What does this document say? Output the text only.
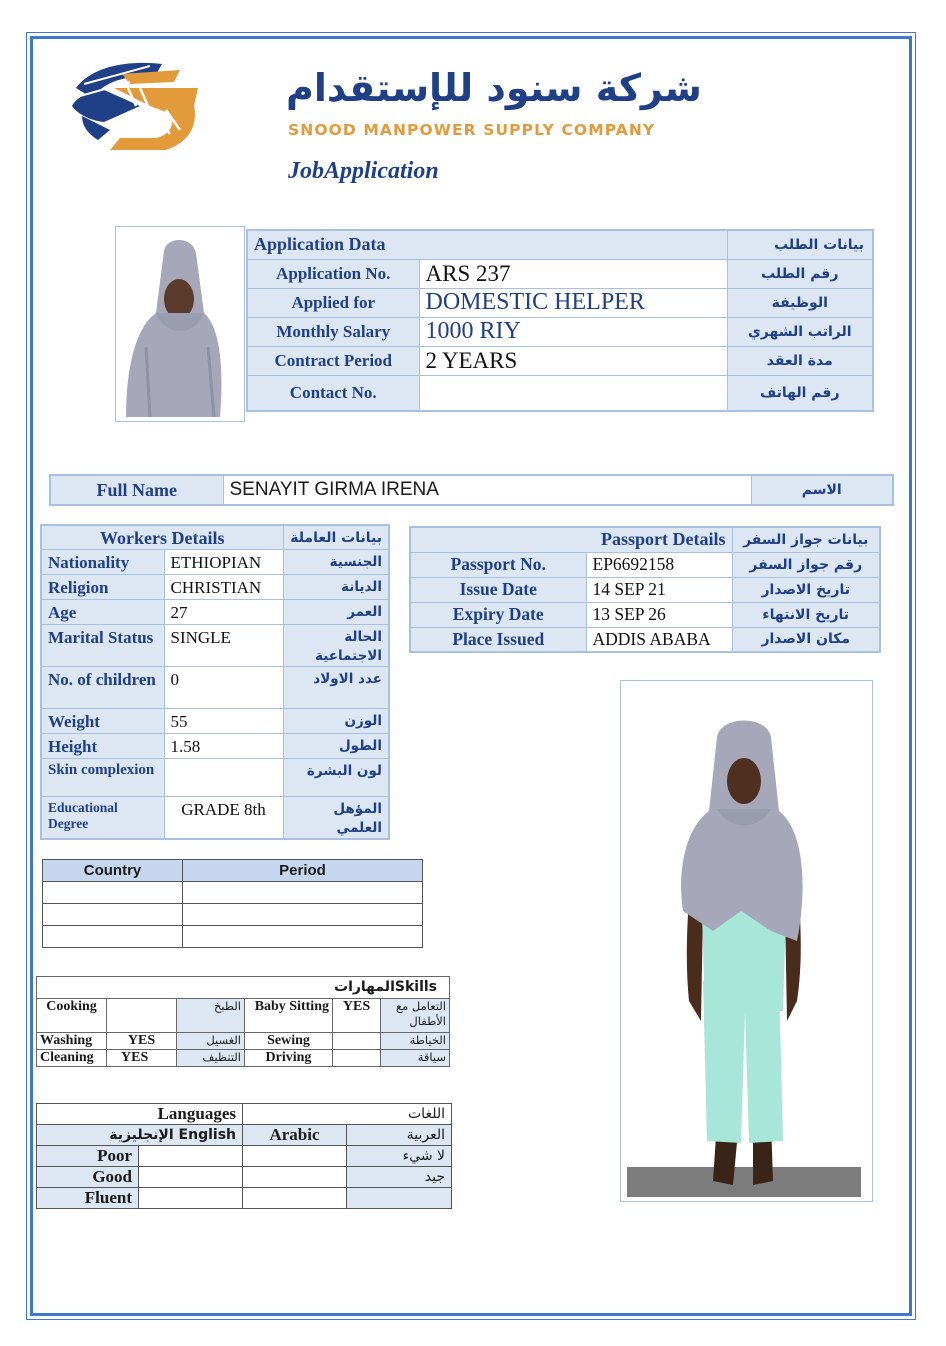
شركة سنود للإستقدام
SNOOD MANPOWER SUPPLY COMPANY
JobApplication
Application Data		بيانات الطلب
Application No.	ARS 237	رقم الطلب
Applied for	DOMESTIC HELPER	الوظيفة
Monthly Salary	1000 RIY	الراتب الشهري
Contract Period	2 YEARS	مدة العقد
Contact No.		رقم الهاتف
Full Name	SENAYIT GIRMA IRENA	الاسم
Workers Details		بيانات العاملة
Nationality	ETHIOPIAN	الجنسية
Religion	CHRISTIAN	الديانة
Age	27	العمر
Marital Status	SINGLE	الحالة الاجتماعية
No. of children	0	عدد الاولاد
Weight	55	الوزن
Height	1.58	الطول
Skin complexion		لون البشرة
Educational Degree	GRADE 8th	المؤهل العلمي
Passport Details		بيانات جواز السفر
Passport No.	EP6692158	رقم جواز السفر
Issue Date	14 SEP 21	تاريخ الاصدار
Expiry Date	13 SEP 26	تاريخ الانتهاء
Place Issued	ADDIS ABABA	مكان الاصدار
Country	Period

المهاراتSkills					
Cooking		الطبخ	Baby Sitting	YES	التعامل مع الأطفال
Washing	YES	الغسيل	Sewing		الخياطة
Cleaning	YES	التنظيف	Driving		سياقة
Languages		اللغات	
الإنجليزية English		Arabic	العربية
Poor			لا شيء
Good			جيد
Fluent			
